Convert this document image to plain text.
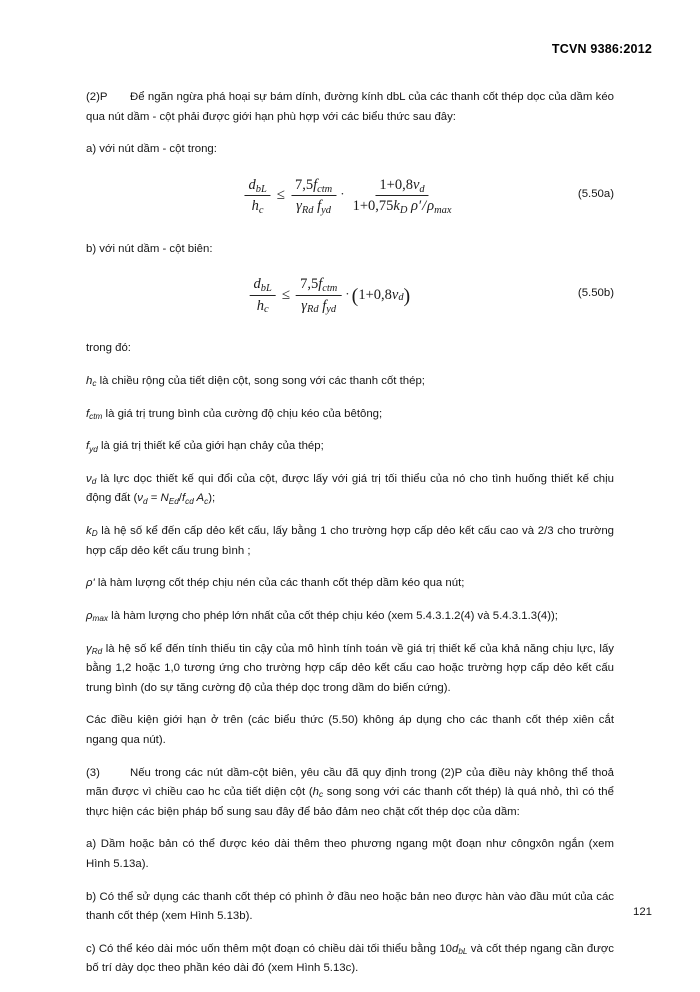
TCVN 9386:2012

(2)P Để ngăn ngừa phá hoại sự bám dính, đường kính dbL của các thanh cốt thép dọc của dầm kéo qua nút dầm - cột phải được giới hạn phù hợp với các biểu thức sau đây:

a) với nút dầm - cột trong:

$\frac{d_{bL}}{h_c} \le \frac{7,5f_{ctm}}{\gamma_{Rd} f_{yd}} \cdot \frac{1+0,8\nu_d}{1+0,75k_D \rho'/\rho_{max}}$	(5.50a)

b) với nút dầm - cột biên:

$\frac{d_{bL}}{h_c} \le \frac{7,5f_{ctm}}{\gamma_{Rd} f_{yd}}$ · ( 1+0,8 $\nu_d$ )	(5.50b)

trong đó:

$h_c$ là chiều rộng của tiết diện cột, song song với các thanh cốt thép;

$f_{ctm}$ là giá trị trung bình của cường độ chịu kéo của bêtông;

$f_{yd}$ là giá trị thiết kế của giới hạn chảy của thép;

$\nu_d$ là lực dọc thiết kế qui đổi của cột, được lấy với giá trị tối thiểu của nó cho tình huống thiết kế chịu động đất ($\nu_d = N_{Ed}/f_{cd}$ $A_c$);

$k_D$ là hệ số kể đến cấp dẻo kết cấu, lấy bằng 1 cho trường hợp cấp dẻo kết cấu cao và 2/3 cho trường hợp cấp dẻo kết cấu trung bình ;

ρ' là hàm lượng cốt thép chịu nén của các thanh cốt thép dầm kéo qua nút;

$\rho_{max}$ là hàm lượng cho phép lớn nhất của cốt thép chịu kéo (xem 5.4.3.1.2(4) và 5.4.3.1.3(4));

$\gamma_{Rd}$ là hệ số kể đến tính thiếu tin cậy của mô hình tính toán về giá trị thiết kế của khả năng chịu lực, lấy bằng 1,2 hoặc 1,0 tương ứng cho trường hợp cấp dẻo kết cấu cao hoặc trường hợp cấp dẻo kết cấu trung bình (do sự tăng cường độ của thép dọc trong dầm do biến cứng).

Các điều kiện giới hạn ở trên (các biểu thức (5.50) không áp dụng cho các thanh cốt thép xiên cắt ngang qua nút).

(3)	Nếu trong các nút dầm-cột biên, yêu cầu đã quy định trong (2)P của điều này không thể thoả mãn được vì chiều cao hc của tiết diện cột ($h_c$ song song với các thanh cốt thép) là quá nhỏ, thì có thể thực hiện các biện pháp bổ sung sau đây để bảo đảm neo chặt cốt thép dọc của dầm:

a) Dầm hoặc bản có thể được kéo dài thêm theo phương ngang một đoạn như côngxôn ngắn (xem Hình 5.13a).

b) Có thể sử dụng các thanh cốt thép có phình ở đầu neo hoặc bản neo được hàn vào đầu mút của các thanh cốt thép (xem Hình 5.13b).

c) Có thể kéo dài móc uốn thêm một đoạn có chiều dài tối thiểu bằng $10d_{bL}$ và cốt thép ngang cần được bố trí dày dọc theo phần kéo dài đó (xem Hình 5.13c).

121
